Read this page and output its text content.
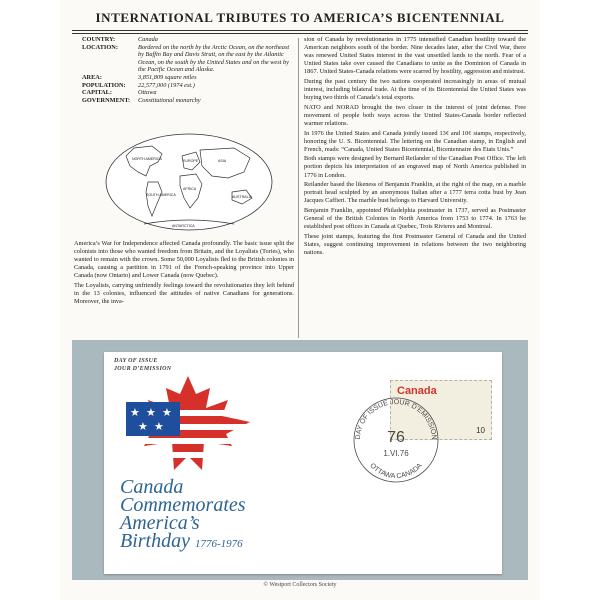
INTERNATIONAL TRIBUTES TO AMERICA’S BICENTENNIAL
COUNTRY:	Canada
LOCATION:	Bordered on the north by the Arctic Ocean, on the northeast by Baffin Bay and Davis Strait, on the east by the Atlantic Ocean, on the south by the United States and on the west by the Pacific Ocean and Alaska.
AREA:	3,851,809 square miles
POPULATION:	22,577,000 (1974 est.)
CAPITAL:	Ottawa
GOVERNMENT:	Constitutional monarchy
NORTH AMERICA
SOUTH AMERICA
AFRICA
EUROPE	ASIA
AUSTRALIA
ANTARCTICA

America’s War for Independence affected Canada profoundly. The basic issue split the colonists into those who wanted freedom from Britain, and the Loyalists (Tories), who wanted to remain with the crown. Some 50,000 Loyalists fled to the British colonies in Canada, causing a partition in 1791 of the French-speaking province into Upper Canada (now Ontario) and Lower Canada (now Quebec).

The Loyalists, carrying unfriendly feelings toward the revolutionaries they left behind in the 13 colonies, influenced the attitudes of native Canadians for generations. Moreover, the inva-

sion of Canada by revolutionaries in 1775 intensified Canadian hostility toward the American neighbors south of the border. Nine decades later, after the Civil War, there was renewed United States interest in the vast unsettled lands to the north. Fear of a United States take over caused the Canadians to unite as the Dominion of Canada in 1867. United States-Canada relations were scarred by hostility, aggression and mistrust.

During the past century the two nations cooperated increasingly in areas of mutual interest, including bilateral trade. At the time of its Bicentennial the United States was buying two thirds of Canada’s total exports.

NATO and NORAD brought the two closer in the interest of joint defense. Free movement of people both ways across the United States-Canada border reflected warmer relations.

In 1976 the United States and Canada jointly issued 13¢ and 10¢ stamps, respectively, honoring the U. S. Bicentennial. The lettering on the Canadian stamp, in English and French, reads: “Canada, United States Bicentennial, Bicentennaire des Etats Unis.”

Both stamps were designed by Bernard Reilander of the Canadian Post Office. The left portion depicts his interpretation of an engraved map of North America published in 1776 in London.

Reilander based the likeness of Benjamin Franklin, at the right of the map, on a marble portrait head sculpted by an anonymous Italian after a 1777 terra cotta bust by Jean Jacques Caffieri. The marble bust belongs to Harvard University.

Benjamin Franklin, appointed Philadelphia postmaster in 1737, served as Postmaster General of the British Colonies in North America from 1753 to 1774. In 1763 he established post offices in Canada at Quebec, Trois Rivieres and Montreal.

These joint stamps, featuring the first Postmaster General of Canada and the United States, suggest continuing improvement in relations between the two neighboring nations.

DAY OF ISSUE
JOUR D’EMISSION
★ ★ ★
★ ★
Canada
Commemorates
America’s
Birthday 1776-1976
Canada
10
DAY OF ISSUE JOUR D’EMISSION
OTTAWA CANADA
76
1.VI.76
© Westport Collectors Society
